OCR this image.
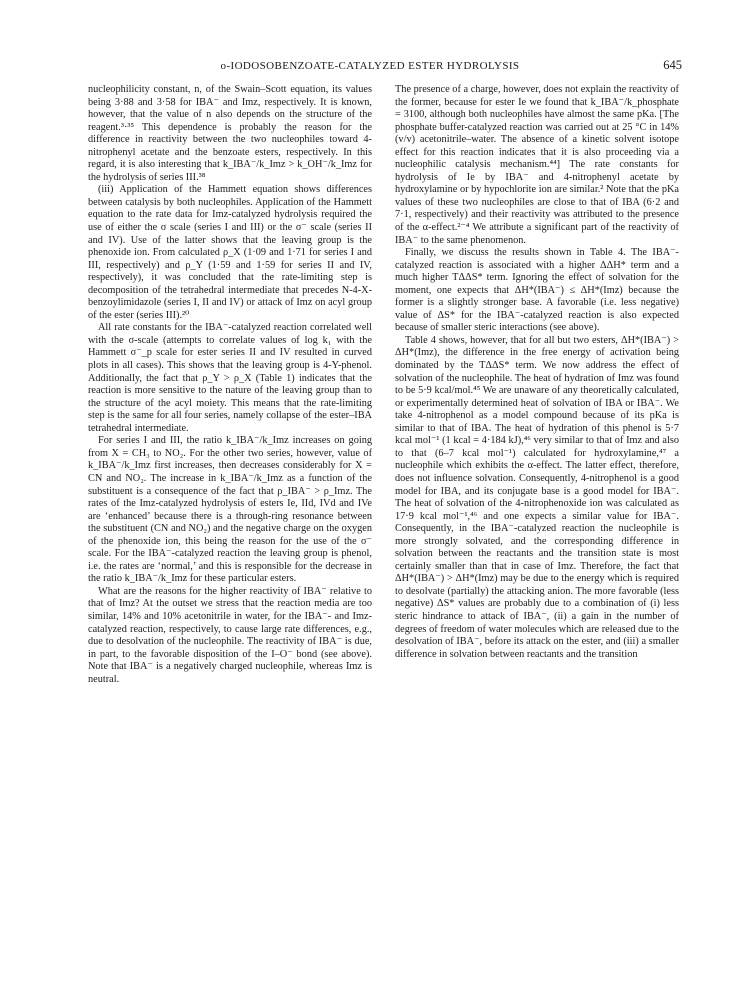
o-IODOSOBENZOATE-CATALYZED ESTER HYDROLYSIS	645

nucleophilicity constant, n, of the Swain–Scott equation, its values being 3·88 and 3·58 for IBA⁻ and Imz, respectively. It is known, however, that the value of n also depends on the structure of the reagent.³·³⁵ This dependence is probably the reason for the difference in reactivity between the two nucleophiles toward 4-nitrophenyl acetate and the benzoate esters, respectively. In this regard, it is also interesting that k_IBA⁻/k_Imz > k_OH⁻/k_Imz for the hydrolysis of series III.³⁸

(iii) Application of the Hammett equation shows differences between catalysis by both nucleophiles. Application of the Hammett equation to the rate data for Imz-catalyzed hydrolysis required the use of either the σ scale (series I and III) or the σ⁻ scale (series II and IV). Use of the latter shows that the leaving group is the phenoxide ion. From calculated ρ_X (1·09 and 1·71 for series I and III, respectively) and ρ_Y (1·59 and 1·59 for series II and IV, respectively), it was concluded that the rate-limiting step is decomposition of the tetrahedral intermediate that precedes N-4-X-benzoylimidazole (series I, II and IV) or attack of Imz on acyl group of the ester (series III).²⁰

All rate constants for the IBA⁻-catalyzed reaction correlated well with the σ-scale (attempts to correlate values of log k₁ with the Hammett σ⁻_p scale for ester series II and IV resulted in curved plots in all cases). This shows that the leaving group is 4-Y-phenol. Additionally, the fact that ρ_Y > ρ_X (Table 1) indicates that the reaction is more sensitive to the nature of the leaving group than to the structure of the acyl moiety. This means that the rate-limiting step is the same for all four series, namely collapse of the ester–IBA tetrahedral intermediate.

For series I and III, the ratio k_IBA⁻/k_Imz increases on going from X = CH₃ to NO₂. For the other two series, however, value of k_IBA⁻/k_Imz first increases, then decreases considerably for X = CN and NO₂. The increase in k_IBA⁻/k_Imz as a function of the substituent is a consequence of the fact that ρ_IBA⁻ > ρ_Imz. The rates of the Imz-catalyzed hydrolysis of esters Ie, IId, IVd and IVe are ‘enhanced’ because there is a through-ring resonance between the substituent (CN and NO₂) and the negative charge on the oxygen of the phenoxide ion, this being the reason for the use of the σ⁻ scale. For the IBA⁻-catalyzed reaction the leaving group is phenol, i.e. the rates are ‘normal,’ and this is responsible for the decrease in the ratio k_IBA⁻/k_Imz for these particular esters.

What are the reasons for the higher reactivity of IBA⁻ relative to that of Imz? At the outset we stress that the reaction media are too similar, 14% and 10% acetonitrile in water, for the IBA⁻- and Imz-catalyzed reaction, respectively, to cause large rate differences, e.g., due to desolvation of the nucleophile. The reactivity of IBA⁻ is due, in part, to the favorable disposition of the I–O⁻ bond (see above). Note that IBA⁻ is a negatively charged nucleophile, whereas Imz is neutral.

The presence of a charge, however, does not explain the reactivity of the former, because for ester Ie we found that k_IBA⁻/k_phosphate = 3100, although both nucleophiles have almost the same pKa. [The phosphate buffer-catalyzed reaction was carried out at 25 °C in 14% (v/v) acetonitrile–water. The absence of a kinetic solvent isotope effect for this reaction indicates that it is also proceeding via a nucleophilic catalysis mechanism.⁴⁴] The rate constants for hydrolysis of Ie by IBA⁻ and 4-nitrophenyl acetate by hydroxylamine or by hypochlorite ion are similar.² Note that the pKa values of these two nucleophiles are close to that of IBA (6·2 and 7·1, respectively) and their reactivity was attributed to the presence of the α-effect.²⁻⁴ We attribute a significant part of the reactivity of IBA⁻ to the same phenomenon.

Finally, we discuss the results shown in Table 4. The IBA⁻-catalyzed reaction is associated with a higher ΔΔH* term and a much higher TΔΔS* term. Ignoring the effect of solvation for the moment, one expects that ΔH*(IBA⁻) ≤ ΔH*(Imz) because the former is a slightly stronger base. A favorable (i.e. less negative) value of ΔS* for the IBA⁻-catalyzed reaction is also expected because of smaller steric interactions (see above).

Table 4 shows, however, that for all but two esters, ΔH*(IBA⁻) > ΔH*(Imz), the difference in the free energy of activation being dominated by the TΔΔS* term. We now address the effect of solvation of the nucleophile. The heat of hydration of Imz was found to be 5·9 kcal/mol.⁴⁵ We are unaware of any theoretically calculated, or experimentally determined heat of solvation of IBA or IBA⁻. We take 4-nitrophenol as a model compound because of its pKa is similar to that of IBA. The heat of hydration of this phenol is 5·7 kcal mol⁻¹ (1 kcal = 4·184 kJ),⁴⁶ very similar to that of Imz and also to that (6–7 kcal mol⁻¹) calculated for hydroxylamine,⁴⁷ a nucleophile which exhibits the α-effect. The latter effect, therefore, does not influence solvation. Consequently, 4-nitrophenol is a good model for IBA, and its conjugate base is a good model for IBA⁻. The heat of solvation of the 4-nitrophenoxide ion was calculated as 17·9 kcal mol⁻¹,⁴⁶ and one expects a similar value for IBA⁻. Consequently, in the IBA⁻-catalyzed reaction the nucleophile is more strongly solvated, and the corresponding difference in solvation between the reactants and the transition state is most certainly smaller than that in case of Imz. Therefore, the fact that ΔH*(IBA⁻) > ΔH*(Imz) may be due to the energy which is required to desolvate (partially) the attacking anion. The more favorable (less negative) ΔS* values are probably due to a combination of (i) less steric hindrance to attack of IBA⁻, (ii) a gain in the number of degrees of freedom of water molecules which are released due to the desolvation of IBA⁻, before its attack on the ester, and (iii) a smaller difference in solvation between reactants and the transition
